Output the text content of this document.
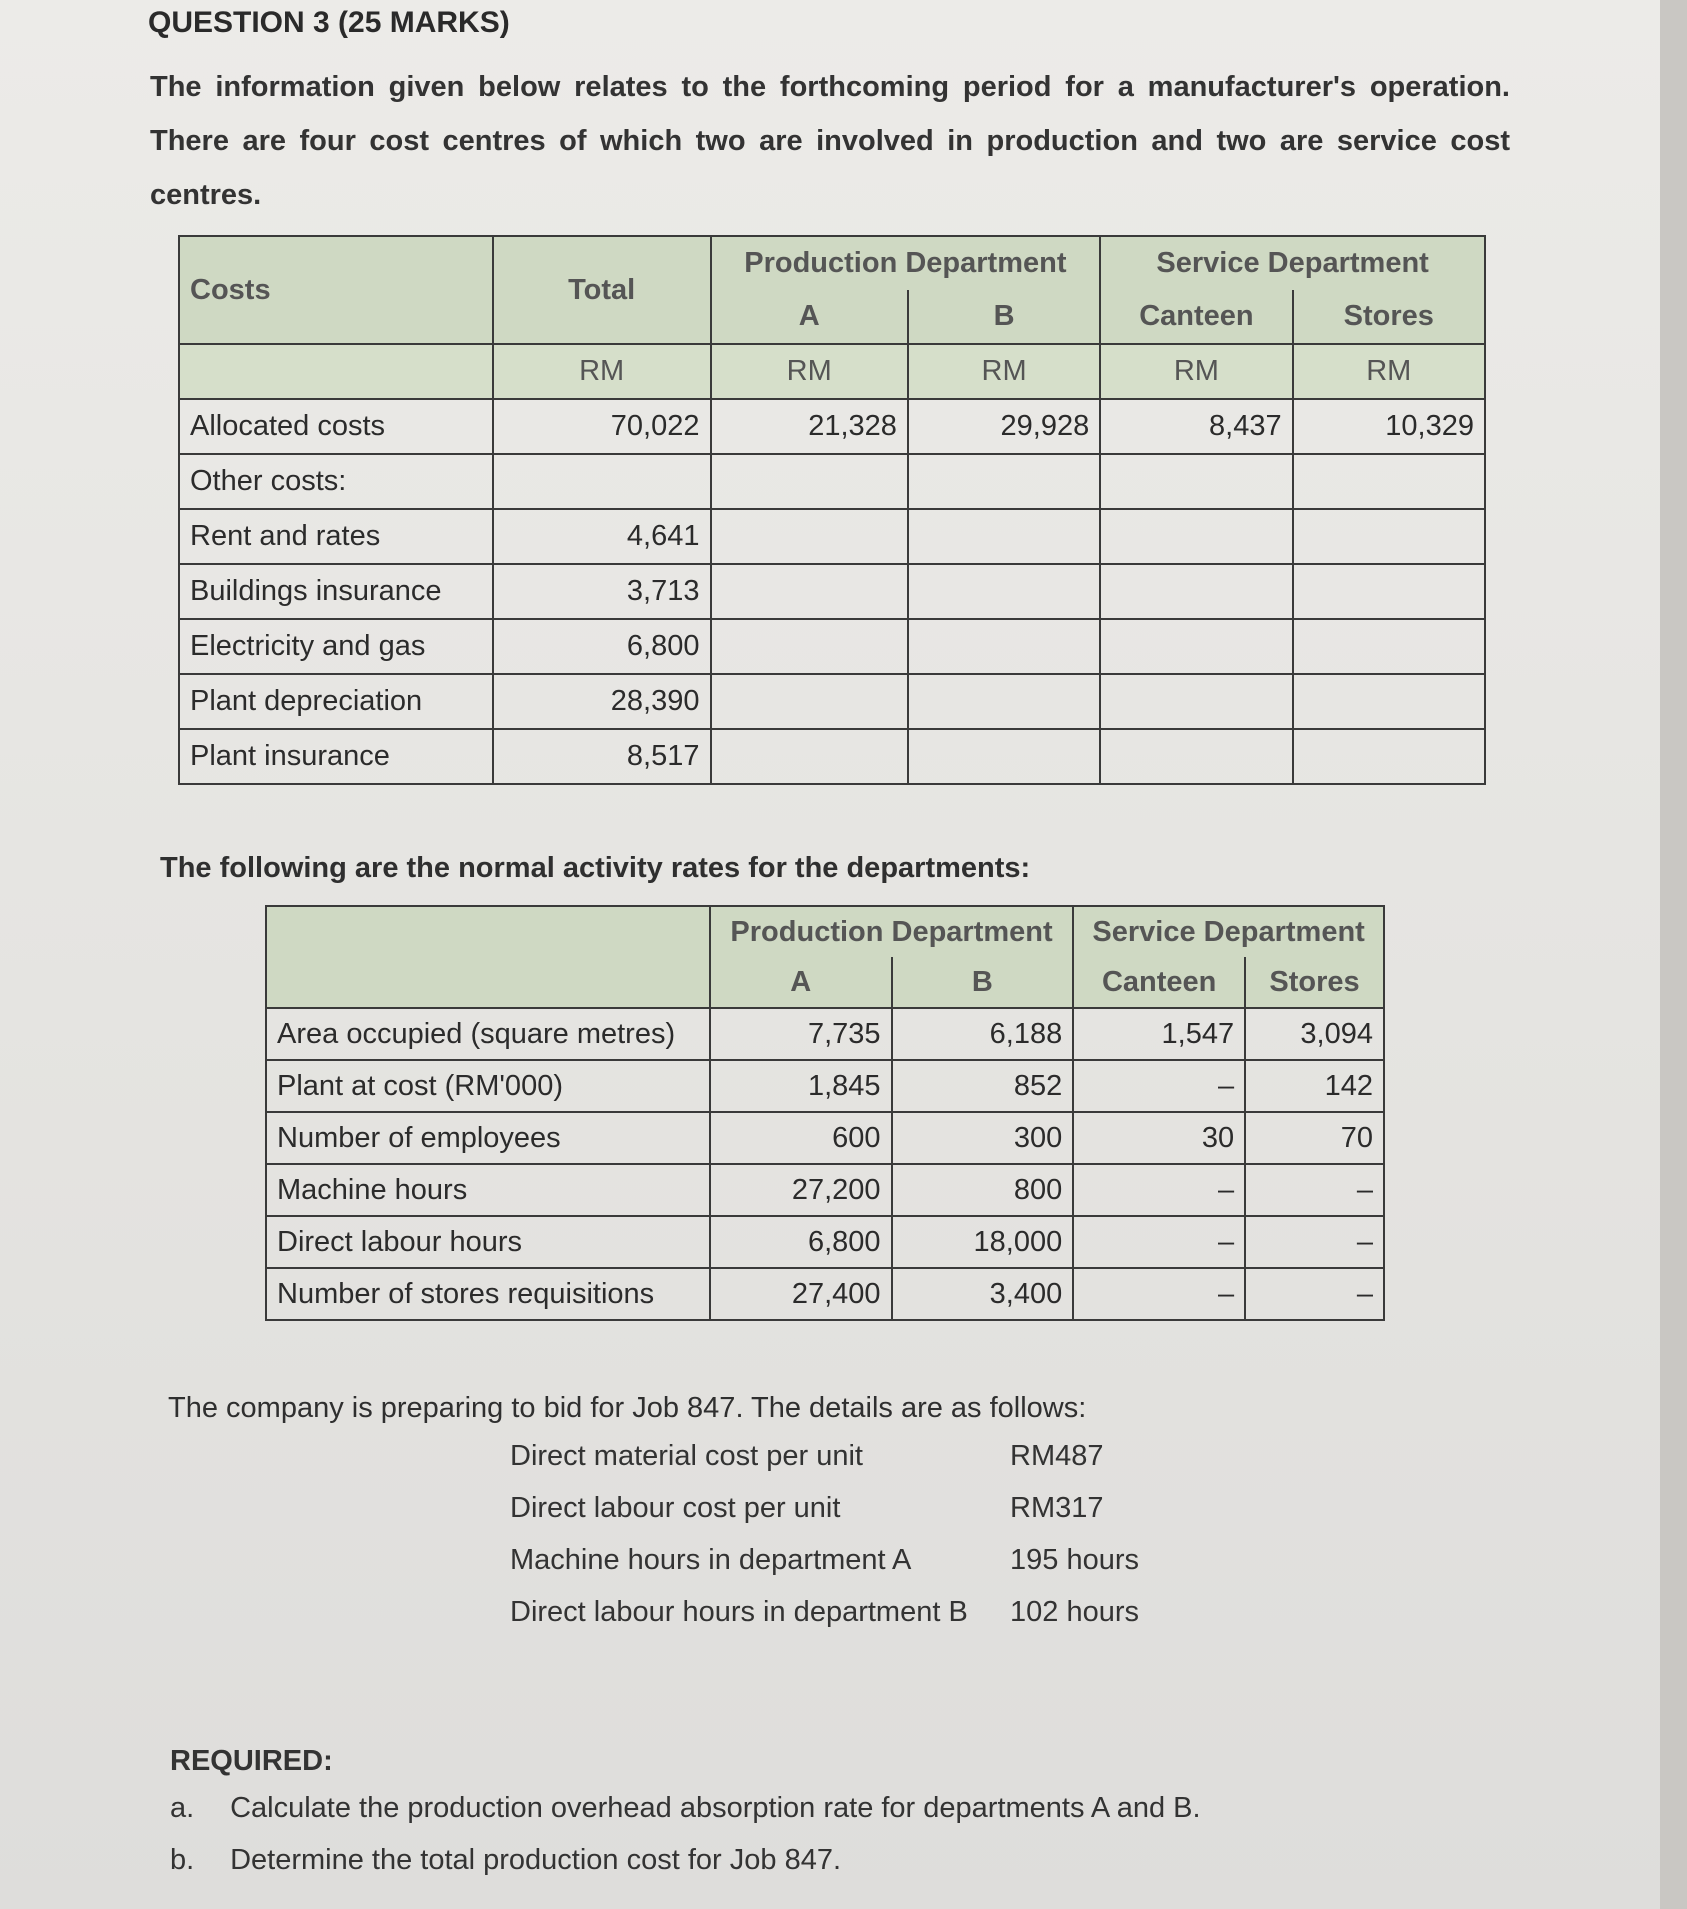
QUESTION 3 (25 MARKS)
The information given below relates to the forthcoming period for a manufacturer's operation. There are four cost centres of which two are involved in production and two are service cost centres.
Costs	Total	Production Department		Service Department	
		A	B	Canteen	Stores
	RM	RM	RM	RM	RM
Allocated costs	70,022	21,328	29,928	8,437	10,329
Other costs:					
Rent and rates	4,641				
Buildings insurance	3,713				
Electricity and gas	6,800				
Plant depreciation	28,390				
Plant insurance	8,517				
The following are the normal activity rates for the departments:
	Production Department		Service Department	
	A	B	Canteen	Stores
Area occupied (square metres)	7,735	6,188	1,547	3,094
Plant at cost (RM'000)	1,845	852	–	142
Number of employees	600	300	30	70
Machine hours	27,200	800	–	–
Direct labour hours	6,800	18,000	–	–
Number of stores requisitions	27,400	3,400	–	–
The company is preparing to bid for Job 847. The details are as follows:
Direct material cost per unit	RM487
Direct labour cost per unit	RM317
Machine hours in department A	195 hours
Direct labour hours in department B 102 hours
REQUIRED:
a. Calculate the production overhead absorption rate for departments A and B.
b. Determine the total production cost for Job 847.
